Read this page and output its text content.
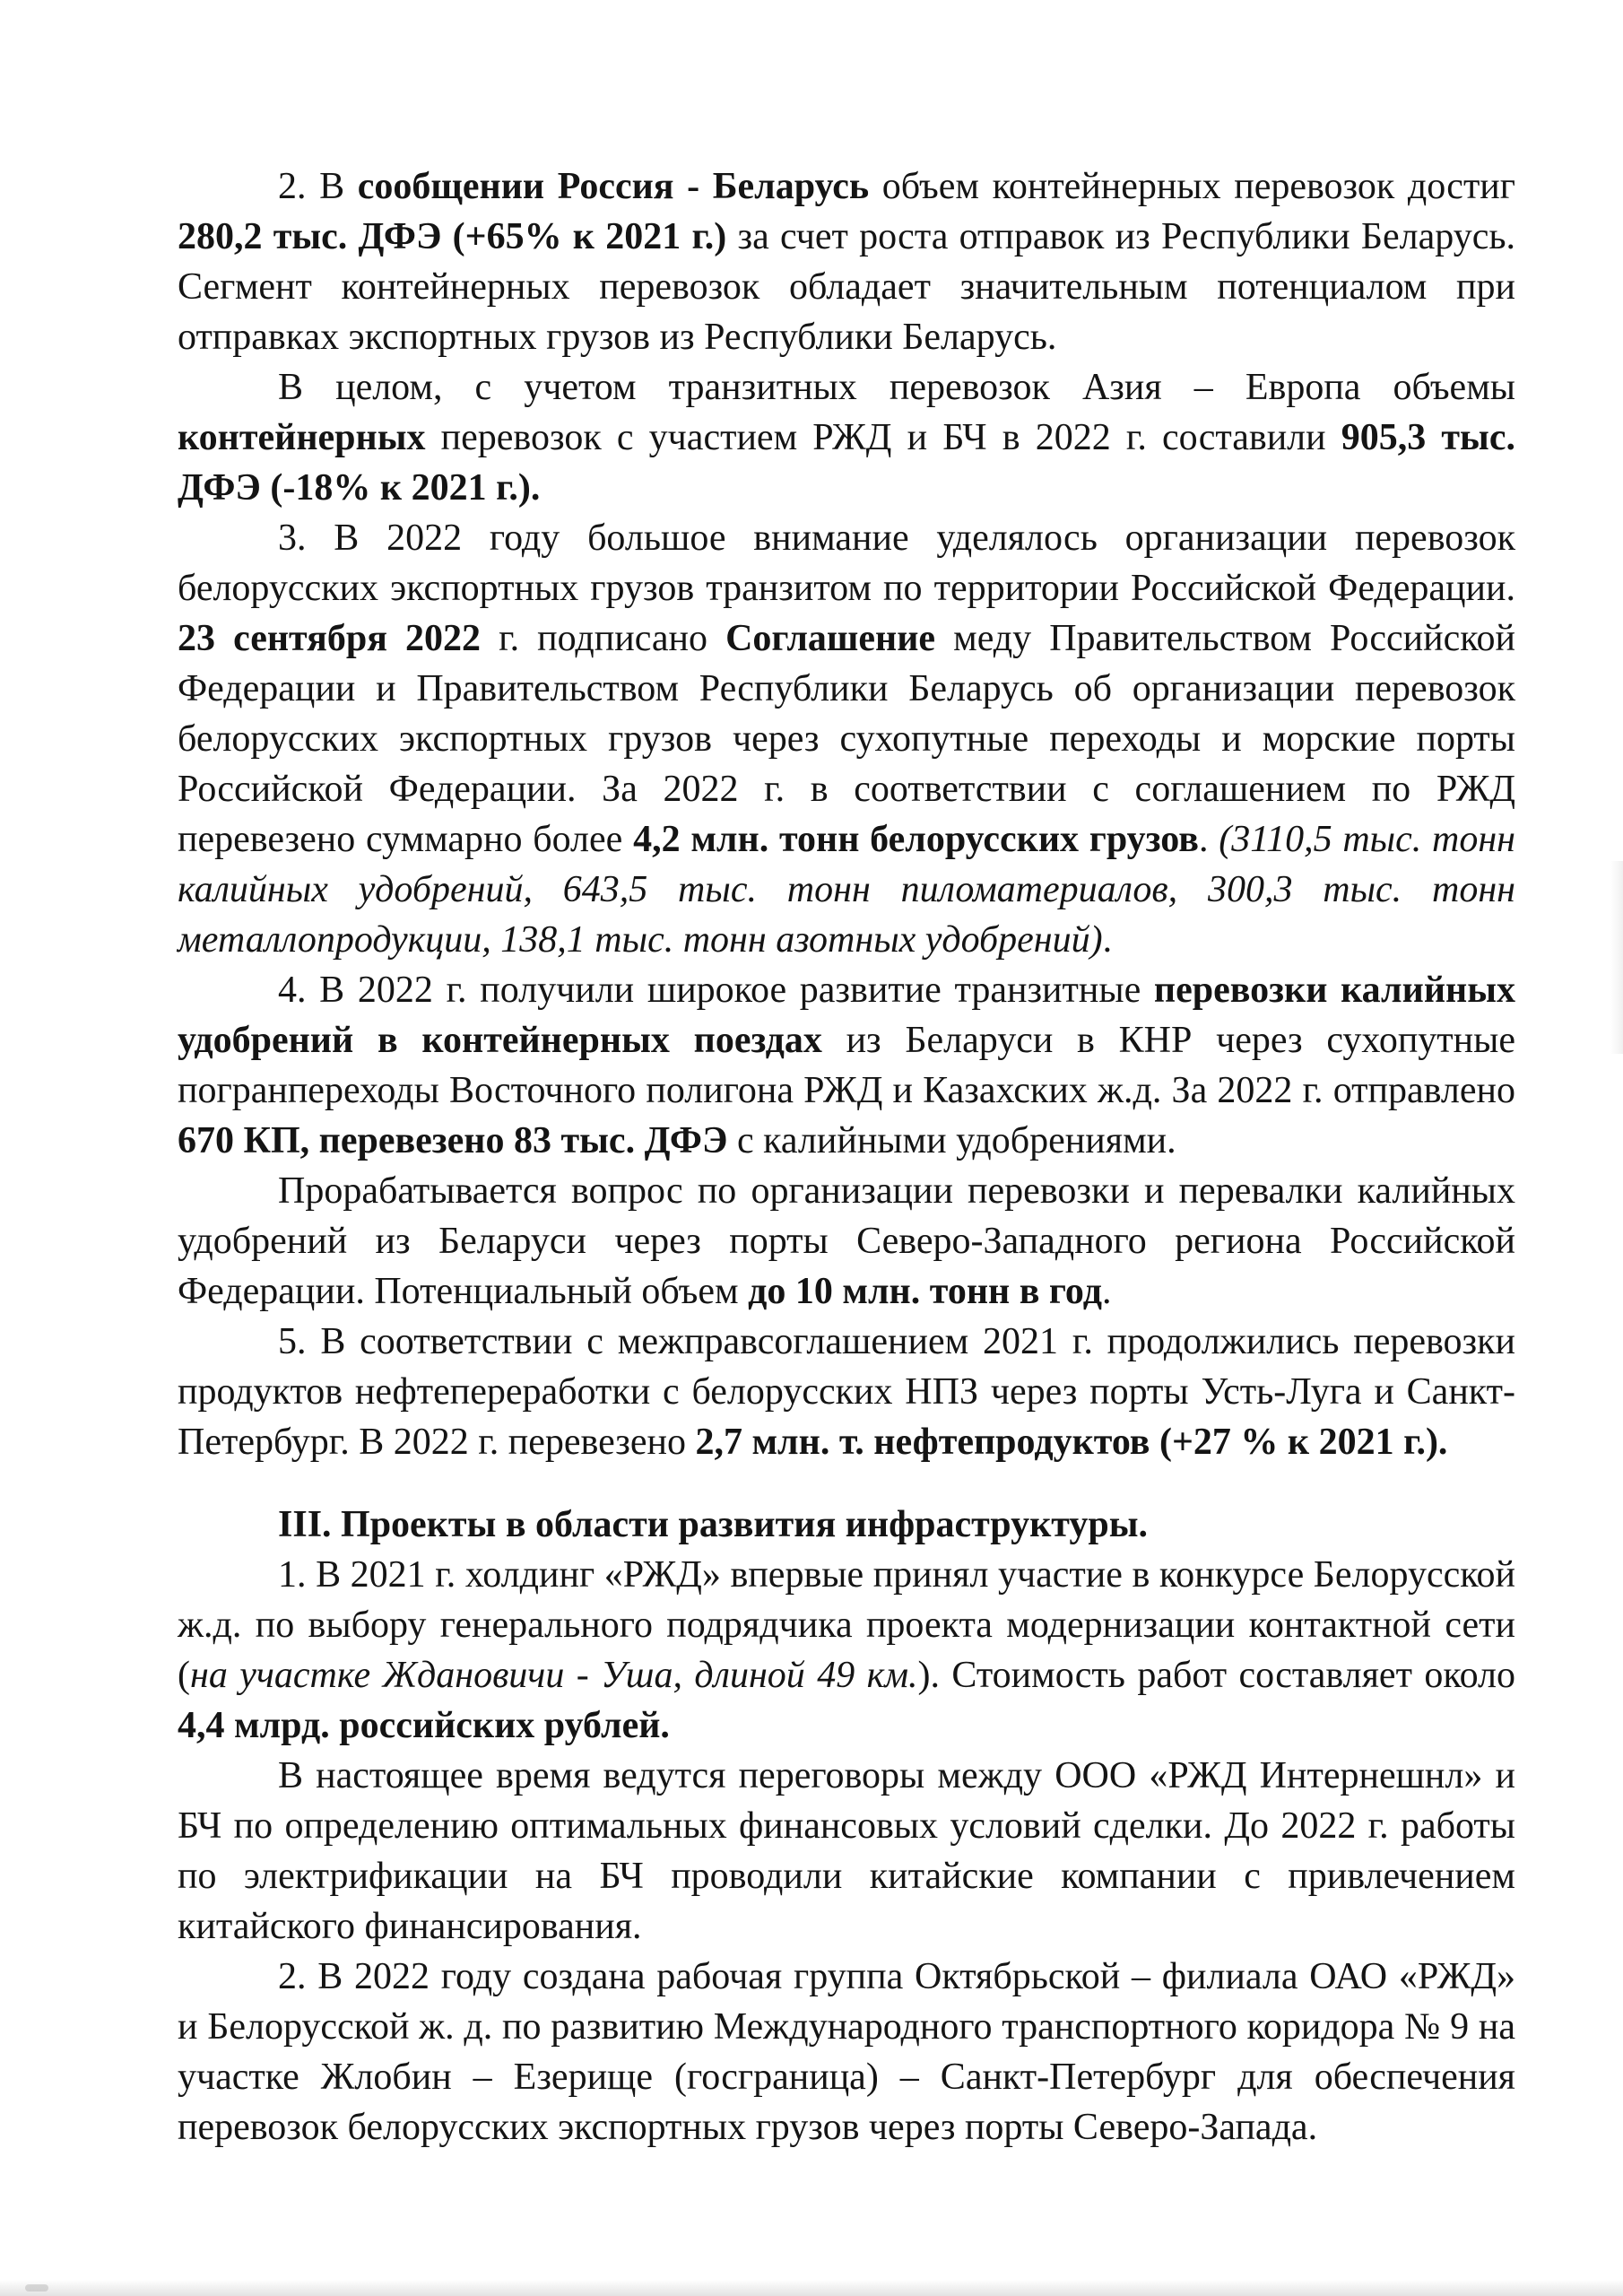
2. В сообщении Россия - Беларусь объем контейнерных перевозок достиг 280,2 тыс. ДФЭ (+65% к 2021 г.) за счет роста отправок из Республики Беларусь. Сегмент контейнерных перевозок обладает значительным потенциалом при отправках экспортных грузов из Республики Беларусь.

В целом, с учетом транзитных перевозок Азия – Европа объемы контейнерных перевозок с участием РЖД и БЧ в 2022 г. составили 905,3 тыс. ДФЭ (-18% к 2021 г.).

3. В 2022 году большое внимание уделялось организации перевозок белорусских экспортных грузов транзитом по территории Российской Федерации. 23 сентября 2022 г. подписано Соглашение меду Правительством Российской Федерации и Правительством Республики Беларусь об организации перевозок белорусских экспортных грузов через сухопутные переходы и морские порты Российской Федерации. За 2022 г. в соответствии с соглашением по РЖД перевезено суммарно более 4,2 млн. тонн белорусских грузов. (3110,5 тыс. тонн калийных удобрений, 643,5 тыс. тонн пиломатериалов, 300,3 тыс. тонн металлопродукции, 138,1 тыс. тонн азотных удобрений).

4. В 2022 г. получили широкое развитие транзитные перевозки калийных удобрений в контейнерных поездах из Беларуси в КНР через сухопутные погранпереходы Восточного полигона РЖД и Казахских ж.д. За 2022 г. отправлено 670 КП, перевезено 83 тыс. ДФЭ с калийными удобрениями.

Прорабатывается вопрос по организации перевозки и перевалки калийных удобрений из Беларуси через порты Северо-Западного региона Российской Федерации. Потенциальный объем до 10 млн. тонн в год.

5. В соответствии с межправсоглашением 2021 г. продолжились перевозки продуктов нефтепереработки с белорусских НПЗ через порты Усть-Луга и Санкт-Петербург. В 2022 г. перевезено 2,7 млн. т. нефтепродуктов (+27 % к 2021 г.).

III. Проекты в области развития инфраструктуры.

1. В 2021 г. холдинг «РЖД» впервые принял участие в конкурсе Белорусской ж.д. по выбору генерального подрядчика проекта модернизации контактной сети (на участке Ждановичи - Уша, длиной 49 км.). Стоимость работ составляет около 4,4 млрд. российских рублей.

В настоящее время ведутся переговоры между ООО «РЖД Интернешнл» и БЧ по определению оптимальных финансовых условий сделки. До 2022 г. работы по электрификации на БЧ проводили китайские компании с привлечением китайского финансирования.

2. В 2022 году создана рабочая группа Октябрьской – филиала ОАО «РЖД» и Белорусской ж. д. по развитию Международного транспортного коридора № 9 на участке Жлобин – Езерище (госграница) – Санкт-Петербург для обеспечения перевозок белорусских экспортных грузов через порты Северо-Запада.
